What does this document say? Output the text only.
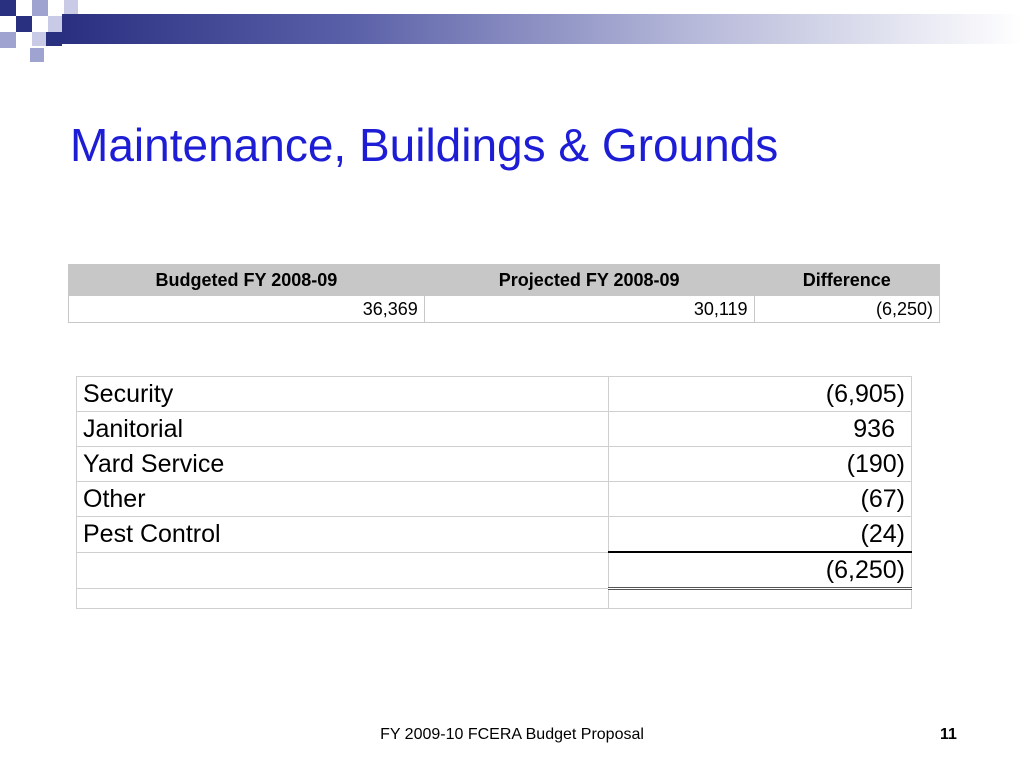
Maintenance, Buildings & Grounds
Budgeted FY 2008-09	Projected FY 2008-09	Difference
36,369	30,119	(6,250)
Security	(6,905)
Janitorial	936
Yard Service	(190)
Other	(67)
Pest Control	(24)
	(6,250)

FY 2009-10 FCERA Budget Proposal	11
